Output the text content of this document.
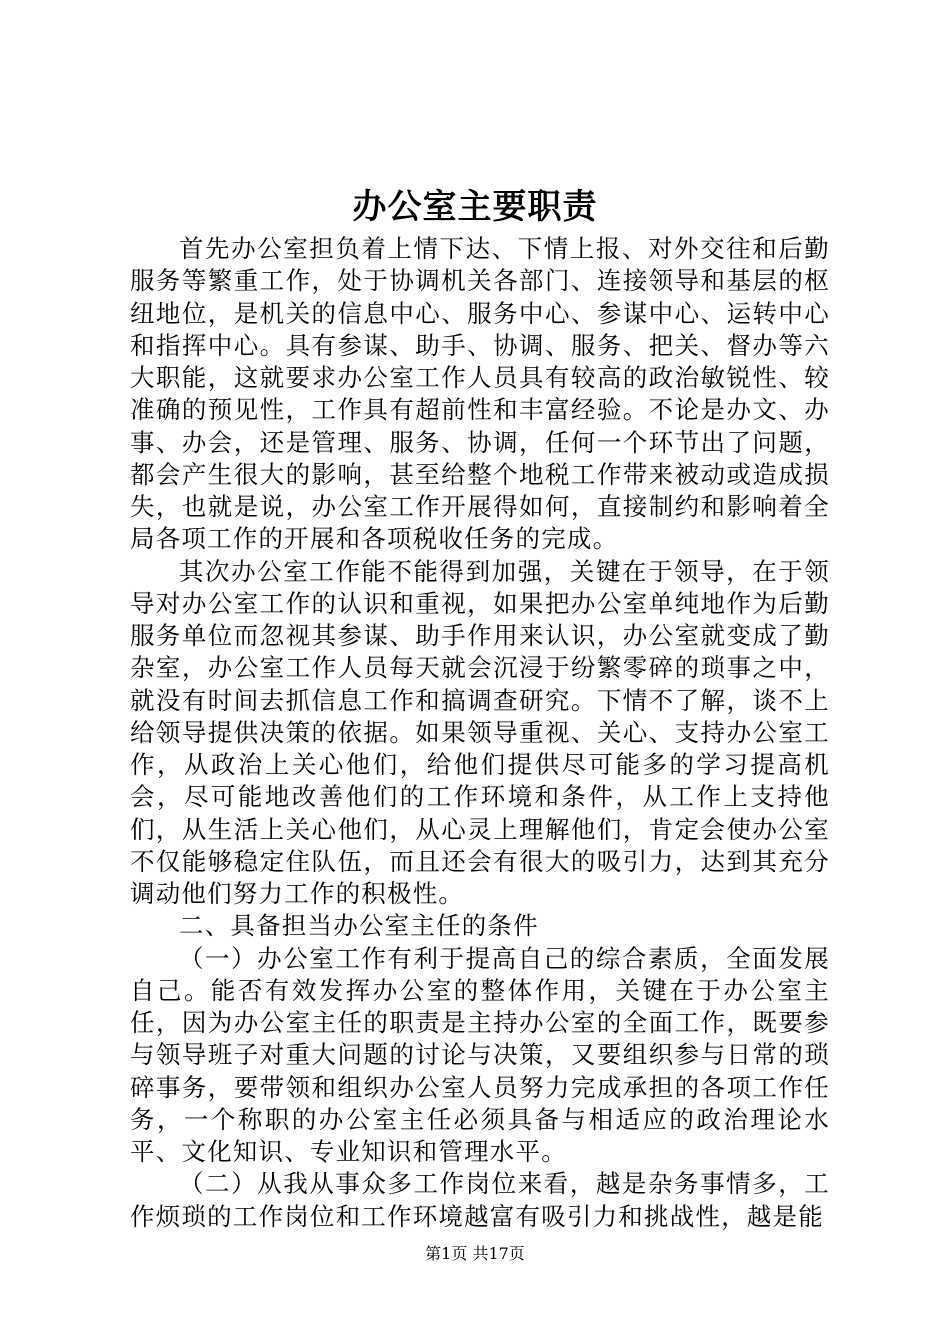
办公室主要职责

首先办公室担负着上情下达、下情上报、对外交往和后勤服务等繁重工作，处于协调机关各部门、连接领导和基层的枢纽地位，是机关的信息中心、服务中心、参谋中心、运转中心和指挥中心。具有参谋、助手、协调、服务、把关、督办等六大职能，这就要求办公室工作人员具有较高的政治敏锐性、较准确的预见性，工作具有超前性和丰富经验。不论是办文、办事、办会，还是管理、服务、协调，任何一个环节出了问题，都会产生很大的影响，甚至给整个地税工作带来被动或造成损失，也就是说，办公室工作开展得如何，直接制约和影响着全局各项工作的开展和各项税收任务的完成。

其次办公室工作能不能得到加强，关键在于领导，在于领导对办公室工作的认识和重视，如果把办公室单纯地作为后勤服务单位而忽视其参谋、助手作用来认识，办公室就变成了勤杂室，办公室工作人员每天就会沉浸于纷繁零碎的琐事之中，就没有时间去抓信息工作和搞调查研究。下情不了解，谈不上给领导提供决策的依据。如果领导重视、关心、支持办公室工作，从政治上关心他们，给他们提供尽可能多的学习提高机会，尽可能地改善他们的工作环境和条件，从工作上支持他们，从生活上关心他们，从心灵上理解他们，肯定会使办公室不仅能够稳定住队伍，而且还会有很大的吸引力，达到其充分调动他们努力工作的积极性。

二、具备担当办公室主任的条件

（一）办公室工作有利于提高自己的综合素质，全面发展自己。能否有效发挥办公室的整体作用，关键在于办公室主任，因为办公室主任的职责是主持办公室的全面工作，既要参与领导班子对重大问题的讨论与决策，又要组织参与日常的琐碎事务，要带领和组织办公室人员努力完成承担的各项工作任务，一个称职的办公室主任必须具备与相适应的政治理论水平、文化知识、专业知识和管理水平。

（二）从我从事众多工作岗位来看，越是杂务事情多，工作烦琐的工作岗位和工作环境越富有吸引力和挑战性，越是能

第1页 共17页
